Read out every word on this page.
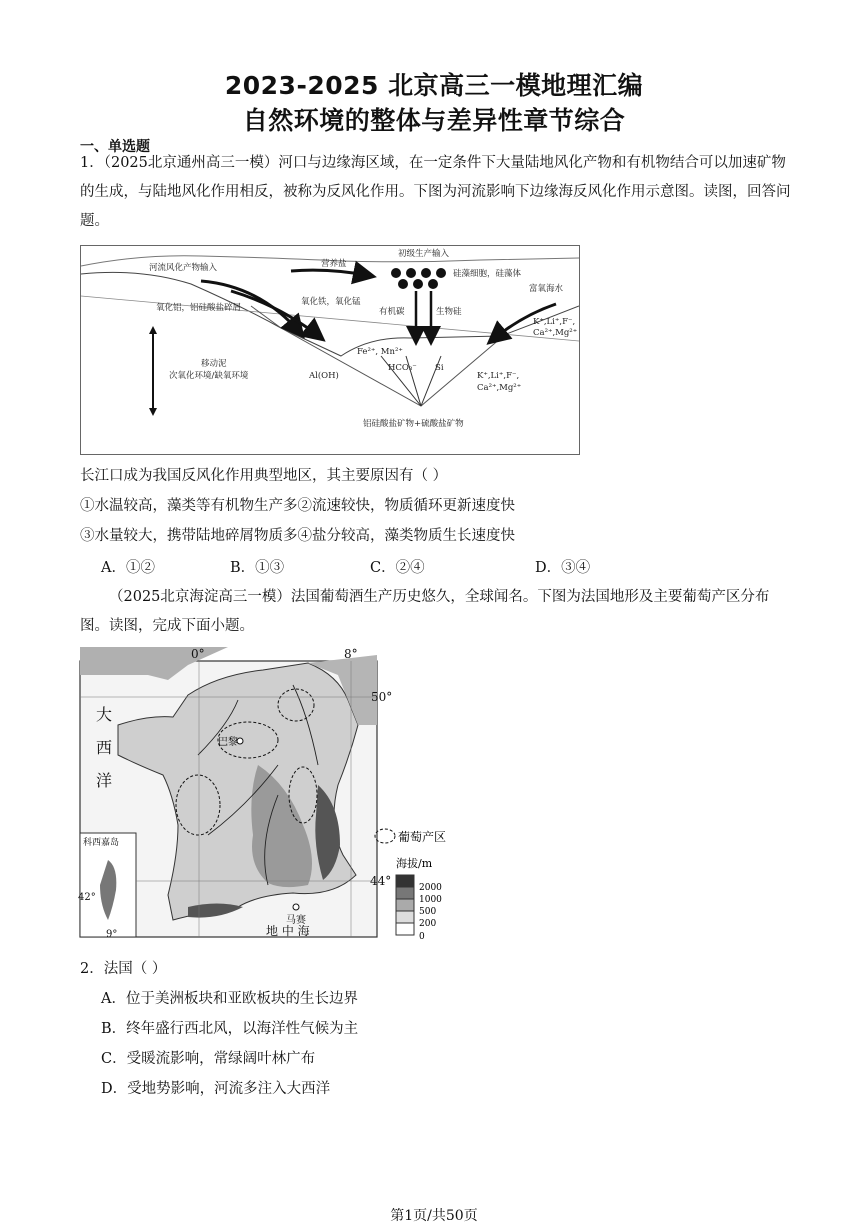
2023-2025 北京高三一模地理汇编
自然环境的整体与差异性章节综合
一、单选题
1．（2025北京通州高三一模）河口与边缘海区域，在一定条件下大量陆地风化产物和有机物结合可以加速矿物的生成，与陆地风化作用相反，被称为反风化作用。下图为河流影响下边缘海反风化作用示意图。读图，回答问题。
初级生产输入
营养盐
河流风化产物输入
硅藻细胞，硅藻体
富氧海水
氧化铝，铝硅酸盐碎屑
氧化铁，氧化锰
有机碳	生物硅
K⁺,Li⁺,F⁻,
Ca²⁺,Mg²⁺
移动泥
次氧化环境/缺氧环境
Fe²⁺, Mn²⁺
HCO₃⁻ Si
Al(OH)	K⁺,Li⁺,F⁻,
Ca²⁺,Mg²⁺
铝硅酸盐矿物+硫酸盐矿物
长江口成为我国反风化作用典型地区，其主要原因有（ ）
①水温较高，藻类等有机物生产多②流速较快，物质循环更新速度快
③水量较大，携带陆地碎屑物质多④盐分较高，藻类物质生长速度快
A．①②	B．①③	C．②④	D．③④
（2025北京海淀高三一模）法国葡萄酒生产历史悠久，全球闻名。下图为法国地形及主要葡萄产区分布图。读图，完成下面小题。
0°	8°
50°
44°
42°
9°
大
西
洋
巴黎
马赛
地 中 海
科西嘉岛	葡萄产区
海拔/m
2000
1000
500
200
0
2．法国（ ）
A．位于美洲板块和亚欧板块的生长边界
B．终年盛行西北风，以海洋性气候为主
C．受暖流影响，常绿阔叶林广布
D．受地势影响，河流多注入大西洋
第1页/共50页
